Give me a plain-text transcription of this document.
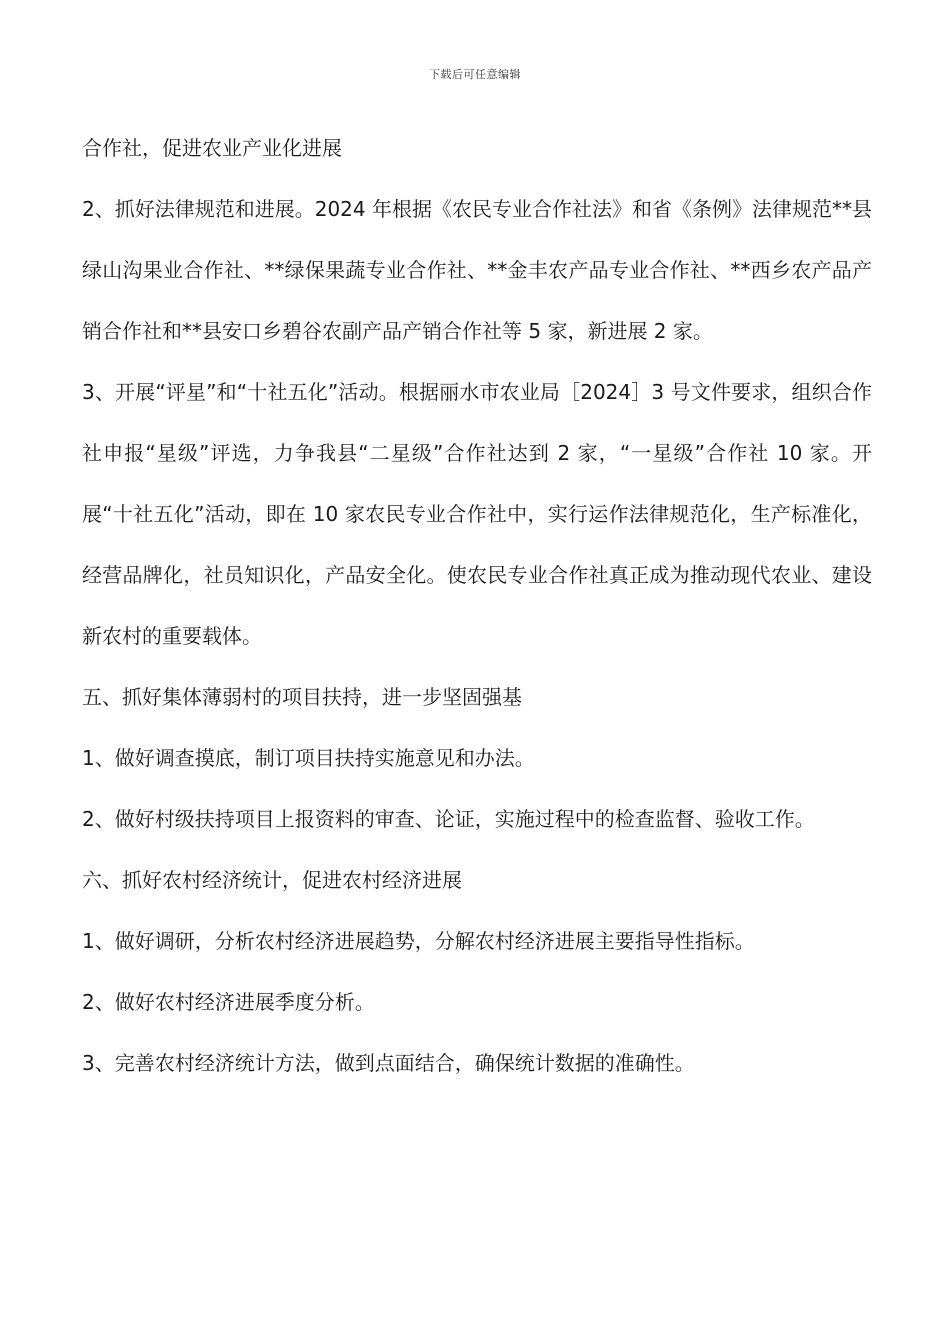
下载后可任意编辑

合作社，促进农业产业化进展

2、抓好法律规范和进展。2024 年根据《农民专业合作社法》和省《条例》法律规范**县绿山沟果业合作社、**绿保果蔬专业合作社、**金丰农产品专业合作社、**西乡农产品产销合作社和**县安口乡碧谷农副产品产销合作社等 5 家，新进展 2 家。

3、开展“评星”和“十社五化”活动。根据丽水市农业局［2024］3 号文件要求，组织合作社申报“星级”评选，力争我县“二星级”合作社达到 2 家，“一星级”合作社 10 家。开展“十社五化”活动，即在 10 家农民专业合作社中，实行运作法律规范化，生产标准化，经营品牌化，社员知识化，产品安全化。使农民专业合作社真正成为推动现代农业、建设新农村的重要载体。

五、抓好集体薄弱村的项目扶持，进一步坚固强基

1、做好调查摸底，制订项目扶持实施意见和办法。

2、做好村级扶持项目上报资料的审查、论证，实施过程中的检查监督、验收工作。

六、抓好农村经济统计，促进农村经济进展

1、做好调研，分析农村经济进展趋势，分解农村经济进展主要指导性指标。

2、做好农村经济进展季度分析。

3、完善农村经济统计方法，做到点面结合，确保统计数据的准确性。
